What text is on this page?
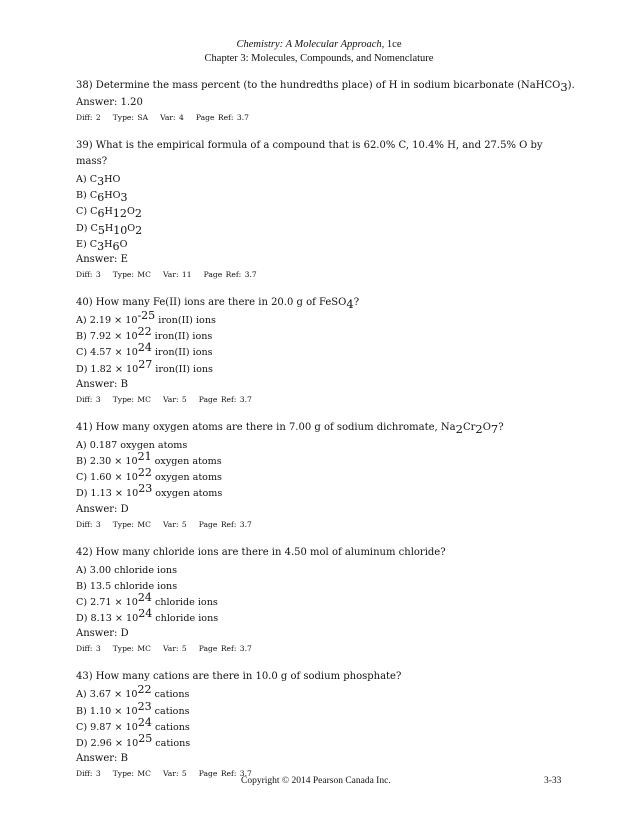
Chemistry: A Molecular Approach, 1ce
Chapter 3: Molecules, Compounds, and Nomenclature
38) Determine the mass percent (to the hundredths place) of H in sodium bicarbonate (NaHCO$_3$).
Answer: 1.20
Diff: 2 Type: SA Var: 4 Page Ref: 3.7
39) What is the empirical formula of a compound that is 62.0% C, 10.4% H, and 27.5% O by mass?
A) $C_3HO$
B) $C_6HO_3$
C) $C_6H_{12}O_2$
D) $C_5H_{10}O_2$
E) $C_3H_6O$
Answer: E
Diff: 3 Type: MC Var: 11 Page Ref: 3.7
40) How many Fe(II) ions are there in 20.0 g of FeSO$_4$?
A) $2.19 \times 10^{-25}$ iron(II) ions
B) $7.92 \times 10^{22}$ iron(II) ions
C) $4.57 \times 10^{24}$ iron(II) ions
D) $1.82 \times 10^{27}$ iron(II) ions
Answer: B
Diff: 3 Type: MC Var: 5 Page Ref: 3.7
41) How many oxygen atoms are there in 7.00 g of sodium dichromate, $Na_2Cr_2O_7$?
A) 0.187 oxygen atoms
B) $2.30 \times 10^{21}$ oxygen atoms
C) $1.60 \times 10^{22}$ oxygen atoms
D) $1.13 \times 10^{23}$ oxygen atoms
Answer: D
Diff: 3 Type: MC Var: 5 Page Ref: 3.7
42) How many chloride ions are there in 4.50 mol of aluminum chloride?
A) 3.00 chloride ions
B) 13.5 chloride ions
C) $2.71 \times 10^{24}$ chloride ions
D) $8.13 \times 10^{24}$ chloride ions
Answer: D
Diff: 3 Type: MC Var: 5 Page Ref: 3.7
43) How many cations are there in 10.0 g of sodium phosphate?
A) $3.67 \times 10^{22}$ cations
B) $1.10 \times 10^{23}$ cations
C) $9.87 \times 10^{24}$ cations
D) $2.96 \times 10^{25}$ cations
Answer: B
Diff: 3 Type: MC Var: 5 Page Ref: 3.7
Copyright © 2014 Pearson Canada Inc.	3-33
